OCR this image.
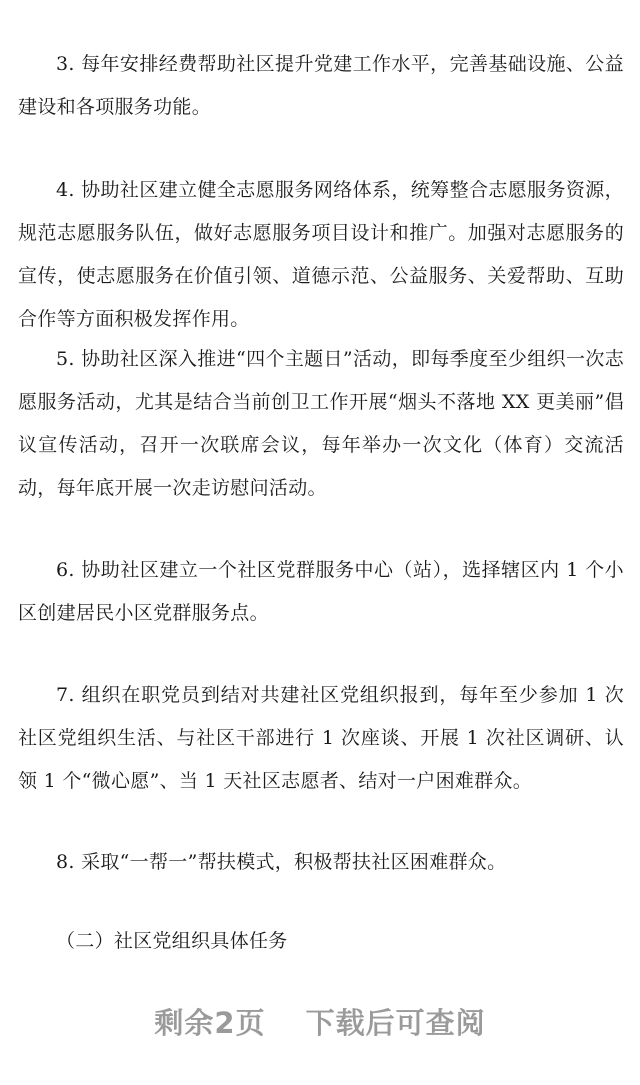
3. 每年安排经费帮助社区提升党建工作水平，完善基础设施、公益建设和各项服务功能。

4. 协助社区建立健全志愿服务网络体系，统筹整合志愿服务资源，规范志愿服务队伍，做好志愿服务项目设计和推广。加强对志愿服务的宣传，使志愿服务在价值引领、道德示范、公益服务、关爱帮助、互助合作等方面积极发挥作用。

5. 协助社区深入推进“四个主题日”活动，即每季度至少组织一次志愿服务活动，尤其是结合当前创卫工作开展“烟头不落地 XX 更美丽”倡议宣传活动，召开一次联席会议，每年举办一次文化（体育）交流活动，每年底开展一次走访慰问活动。

6. 协助社区建立一个社区党群服务中心（站），选择辖区内 1 个小区创建居民小区党群服务点。

7. 组织在职党员到结对共建社区党组织报到，每年至少参加 1 次社区党组织生活、与社区干部进行 1 次座谈、开展 1 次社区调研、认领 1 个“微心愿”、当 1 天社区志愿者、结对一户困难群众。

8. 采取“一帮一”帮扶模式，积极帮扶社区困难群众。

（二）社区党组织具体任务

剩余2页 下载后可查阅
